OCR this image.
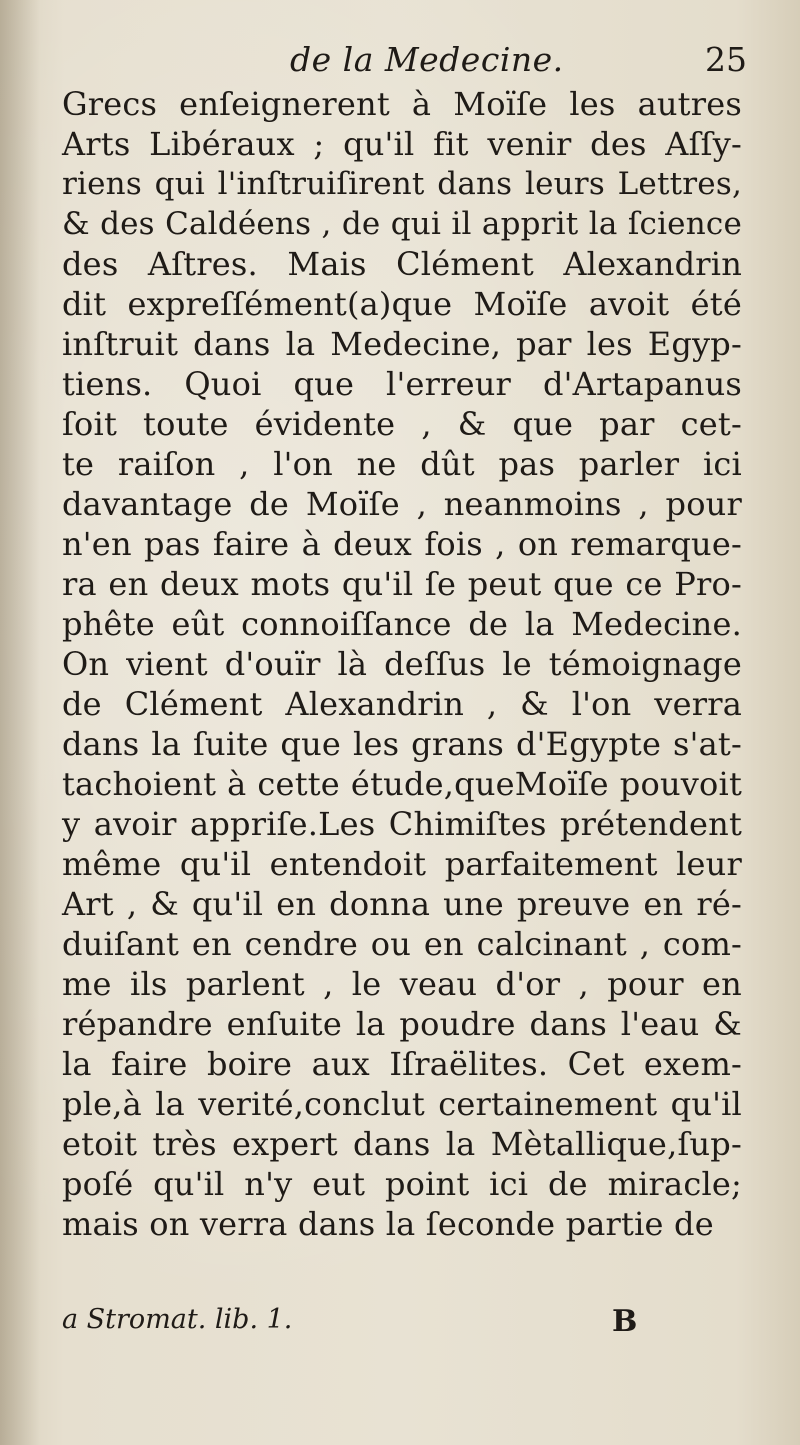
de la Medecine.	25
Grecs enſeignerent à Moïſe les autres
Arts Libéraux ; qu'il fit venir des Aſſy-
riens qui l'inſtruiſirent dans leurs Lettres,
& des Caldéens , de qui il apprit la ſcience
des Aſtres. Mais Clément Alexandrin
dit expreſſément(a)que Moïſe avoit été
inſtruit dans la Medecine, par les Egyp-
tiens. Quoi que l'erreur d'Artapanus
ſoit toute évidente , & que par cet-
te raiſon , l'on ne dût pas parler ici
davantage de Moïſe , neanmoins , pour
n'en pas faire à deux fois , on remarque-
ra en deux mots qu'il ſe peut que ce Pro-
phête eût connoiſſance de la Medecine.
On vient d'ouïr là deſſus le témoignage
de Clément Alexandrin , & l'on verra
dans la ſuite que les grans d'Egypte s'at-
tachoient à cette étude,queMoïſe pouvoit
y avoir appriſe.Les Chimiſtes prétendent
même qu'il entendoit parfaitement leur
Art , & qu'il en donna une preuve en ré-
duiſant en cendre ou en calcinant , com-
me ils parlent , le veau d'or , pour en
répandre enſuite la poudre dans l'eau &
la faire boire aux Iſraëlites. Cet exem-
ple,à la verité,conclut certainement qu'il
etoit très expert dans la Mètallique,ſup-
poſé qu'il n'y eut point ici de miracle;
mais on verra dans la ſeconde partie de
a Stromat. lib. 1.	B
